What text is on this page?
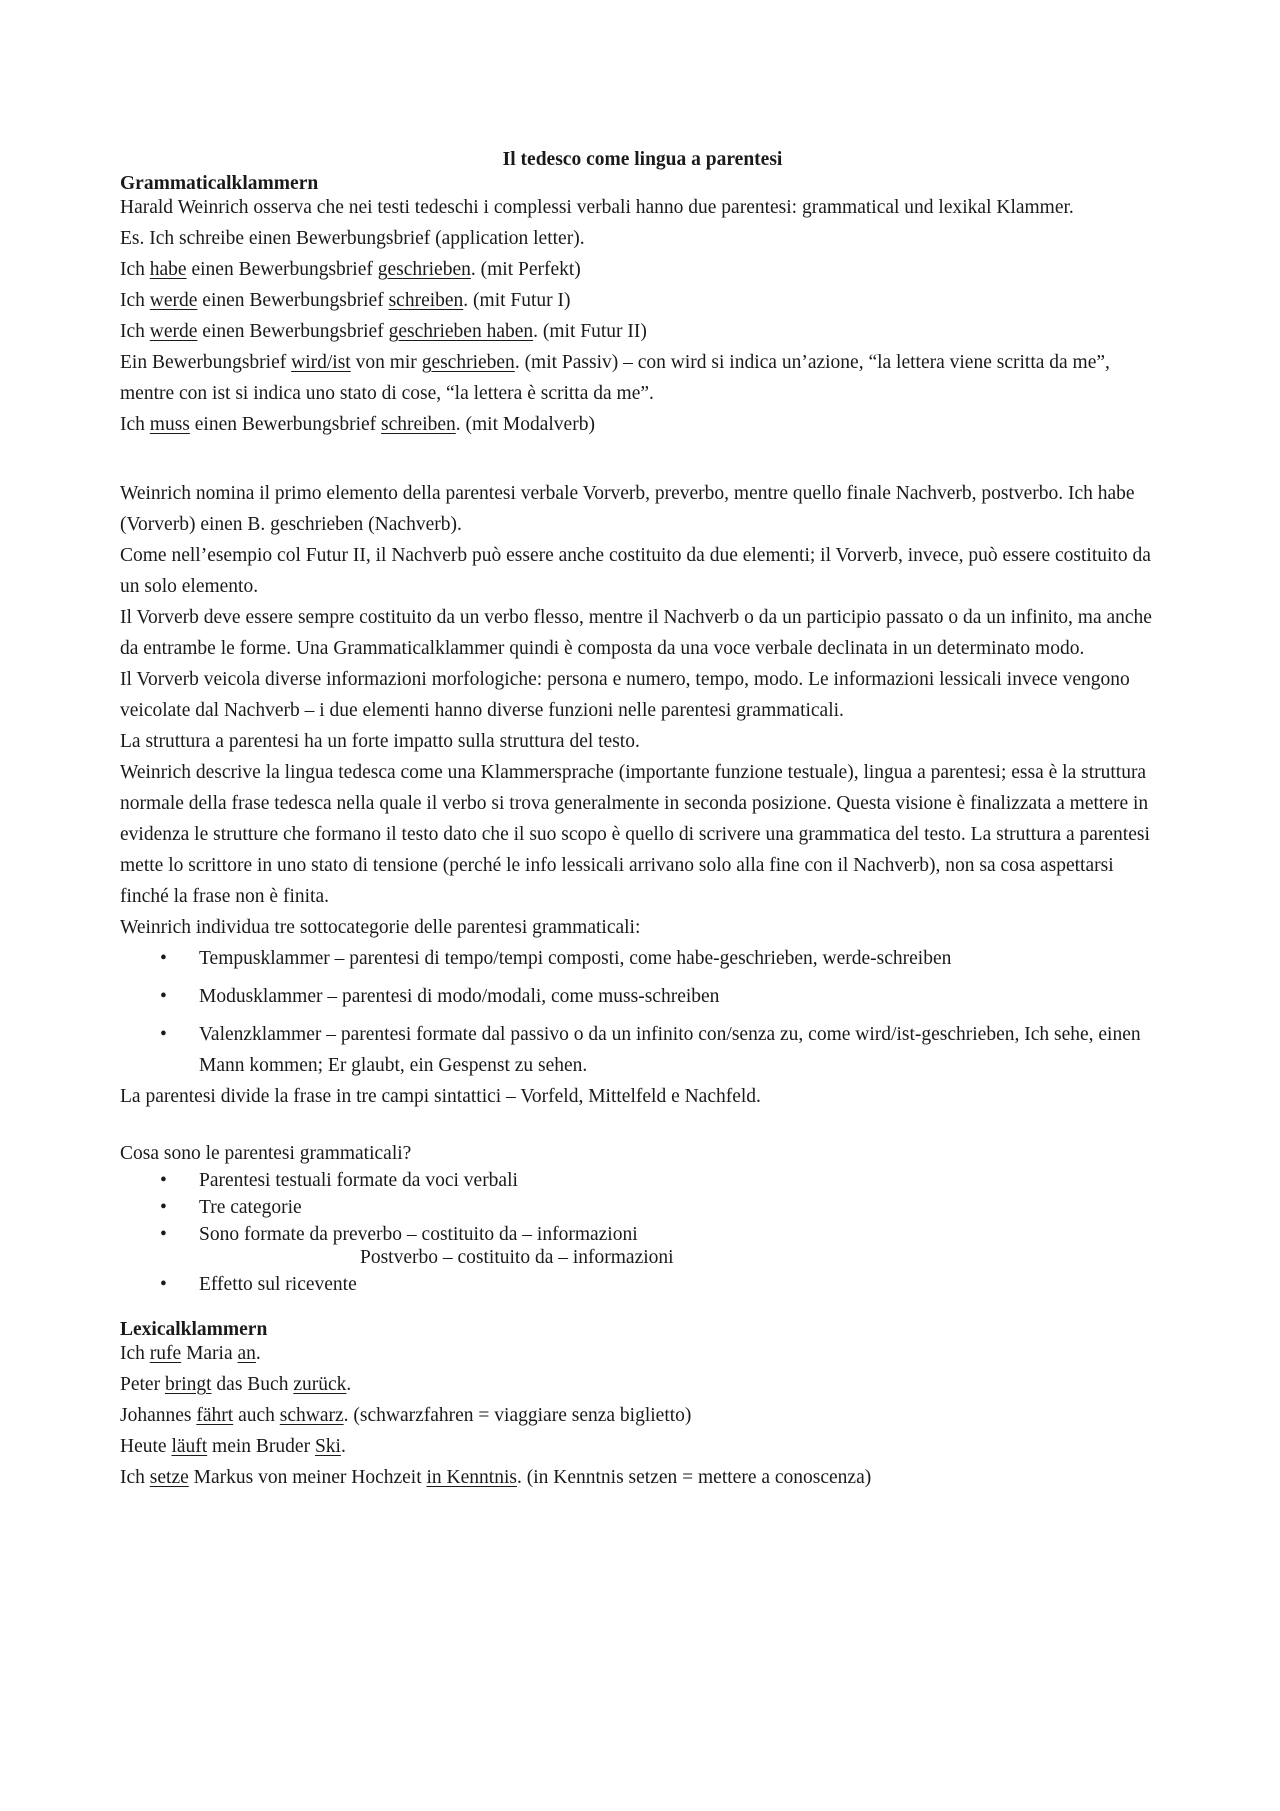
Il tedesco come lingua a parentesi
Grammaticalklammern
Harald Weinrich osserva che nei testi tedeschi i complessi verbali hanno due parentesi: grammatical und lexikal Klammer.
Es. Ich schreibe einen Bewerbungsbrief (application letter).
Ich habe einen Bewerbungsbrief geschrieben. (mit Perfekt)
Ich werde einen Bewerbungsbrief schreiben. (mit Futur I)
Ich werde einen Bewerbungsbrief geschrieben haben. (mit Futur II)
Ein Bewerbungsbrief wird/ist von mir geschrieben. (mit Passiv) – con wird si indica un’azione, “la lettera viene scritta da me”, mentre con ist si indica uno stato di cose, “la lettera è scritta da me”.
Ich muss einen Bewerbungsbrief schreiben. (mit Modalverb)
Weinrich nomina il primo elemento della parentesi verbale Vorverb, preverbo, mentre quello finale Nachverb, postverbo. Ich habe (Vorverb) einen B. geschrieben (Nachverb).
Come nell’esempio col Futur II, il Nachverb può essere anche costituito da due elementi; il Vorverb, invece, può essere costituito da un solo elemento.
Il Vorverb deve essere sempre costituito da un verbo flesso, mentre il Nachverb o da un participio passato o da un infinito, ma anche da entrambe le forme. Una Grammaticalklammer quindi è composta da una voce verbale declinata in un determinato modo.
Il Vorverb veicola diverse informazioni morfologiche: persona e numero, tempo, modo. Le informazioni lessicali invece vengono veicolate dal Nachverb – i due elementi hanno diverse funzioni nelle parentesi grammaticali.
La struttura a parentesi ha un forte impatto sulla struttura del testo.
Weinrich descrive la lingua tedesca come una Klammersprache (importante funzione testuale), lingua a parentesi; essa è la struttura normale della frase tedesca nella quale il verbo si trova generalmente in seconda posizione. Questa visione è finalizzata a mettere in evidenza le strutture che formano il testo dato che il suo scopo è quello di scrivere una grammatica del testo. La struttura a parentesi mette lo scrittore in uno stato di tensione (perché le info lessicali arrivano solo alla fine con il Nachverb), non sa cosa aspettarsi finché la frase non è finita.
Weinrich individua tre sottocategorie delle parentesi grammaticali:
• Tempusklammer – parentesi di tempo/tempi composti, come habe-geschrieben, werde-schreiben
• Modusklammer – parentesi di modo/modali, come muss-schreiben
• Valenzklammer – parentesi formate dal passivo o da un infinito con/senza zu, come wird/ist-geschrieben, Ich sehe, einen Mann kommen; Er glaubt, ein Gespenst zu sehen.
La parentesi divide la frase in tre campi sintattici – Vorfeld, Mittelfeld e Nachfeld.
Cosa sono le parentesi grammaticali?
• Parentesi testuali formate da voci verbali
• Tre categorie
• Sono formate da preverbo – costituito da – informazioni
Postverbo – costituito da – informazioni
• Effetto sul ricevente
Lexicalklammern
Ich rufe Maria an.
Peter bringt das Buch zurück.
Johannes fährt auch schwarz. (schwarzfahren = viaggiare senza biglietto)
Heute läuft mein Bruder Ski.
Ich setze Markus von meiner Hochzeit in Kenntnis. (in Kenntnis setzen = mettere a conoscenza)
